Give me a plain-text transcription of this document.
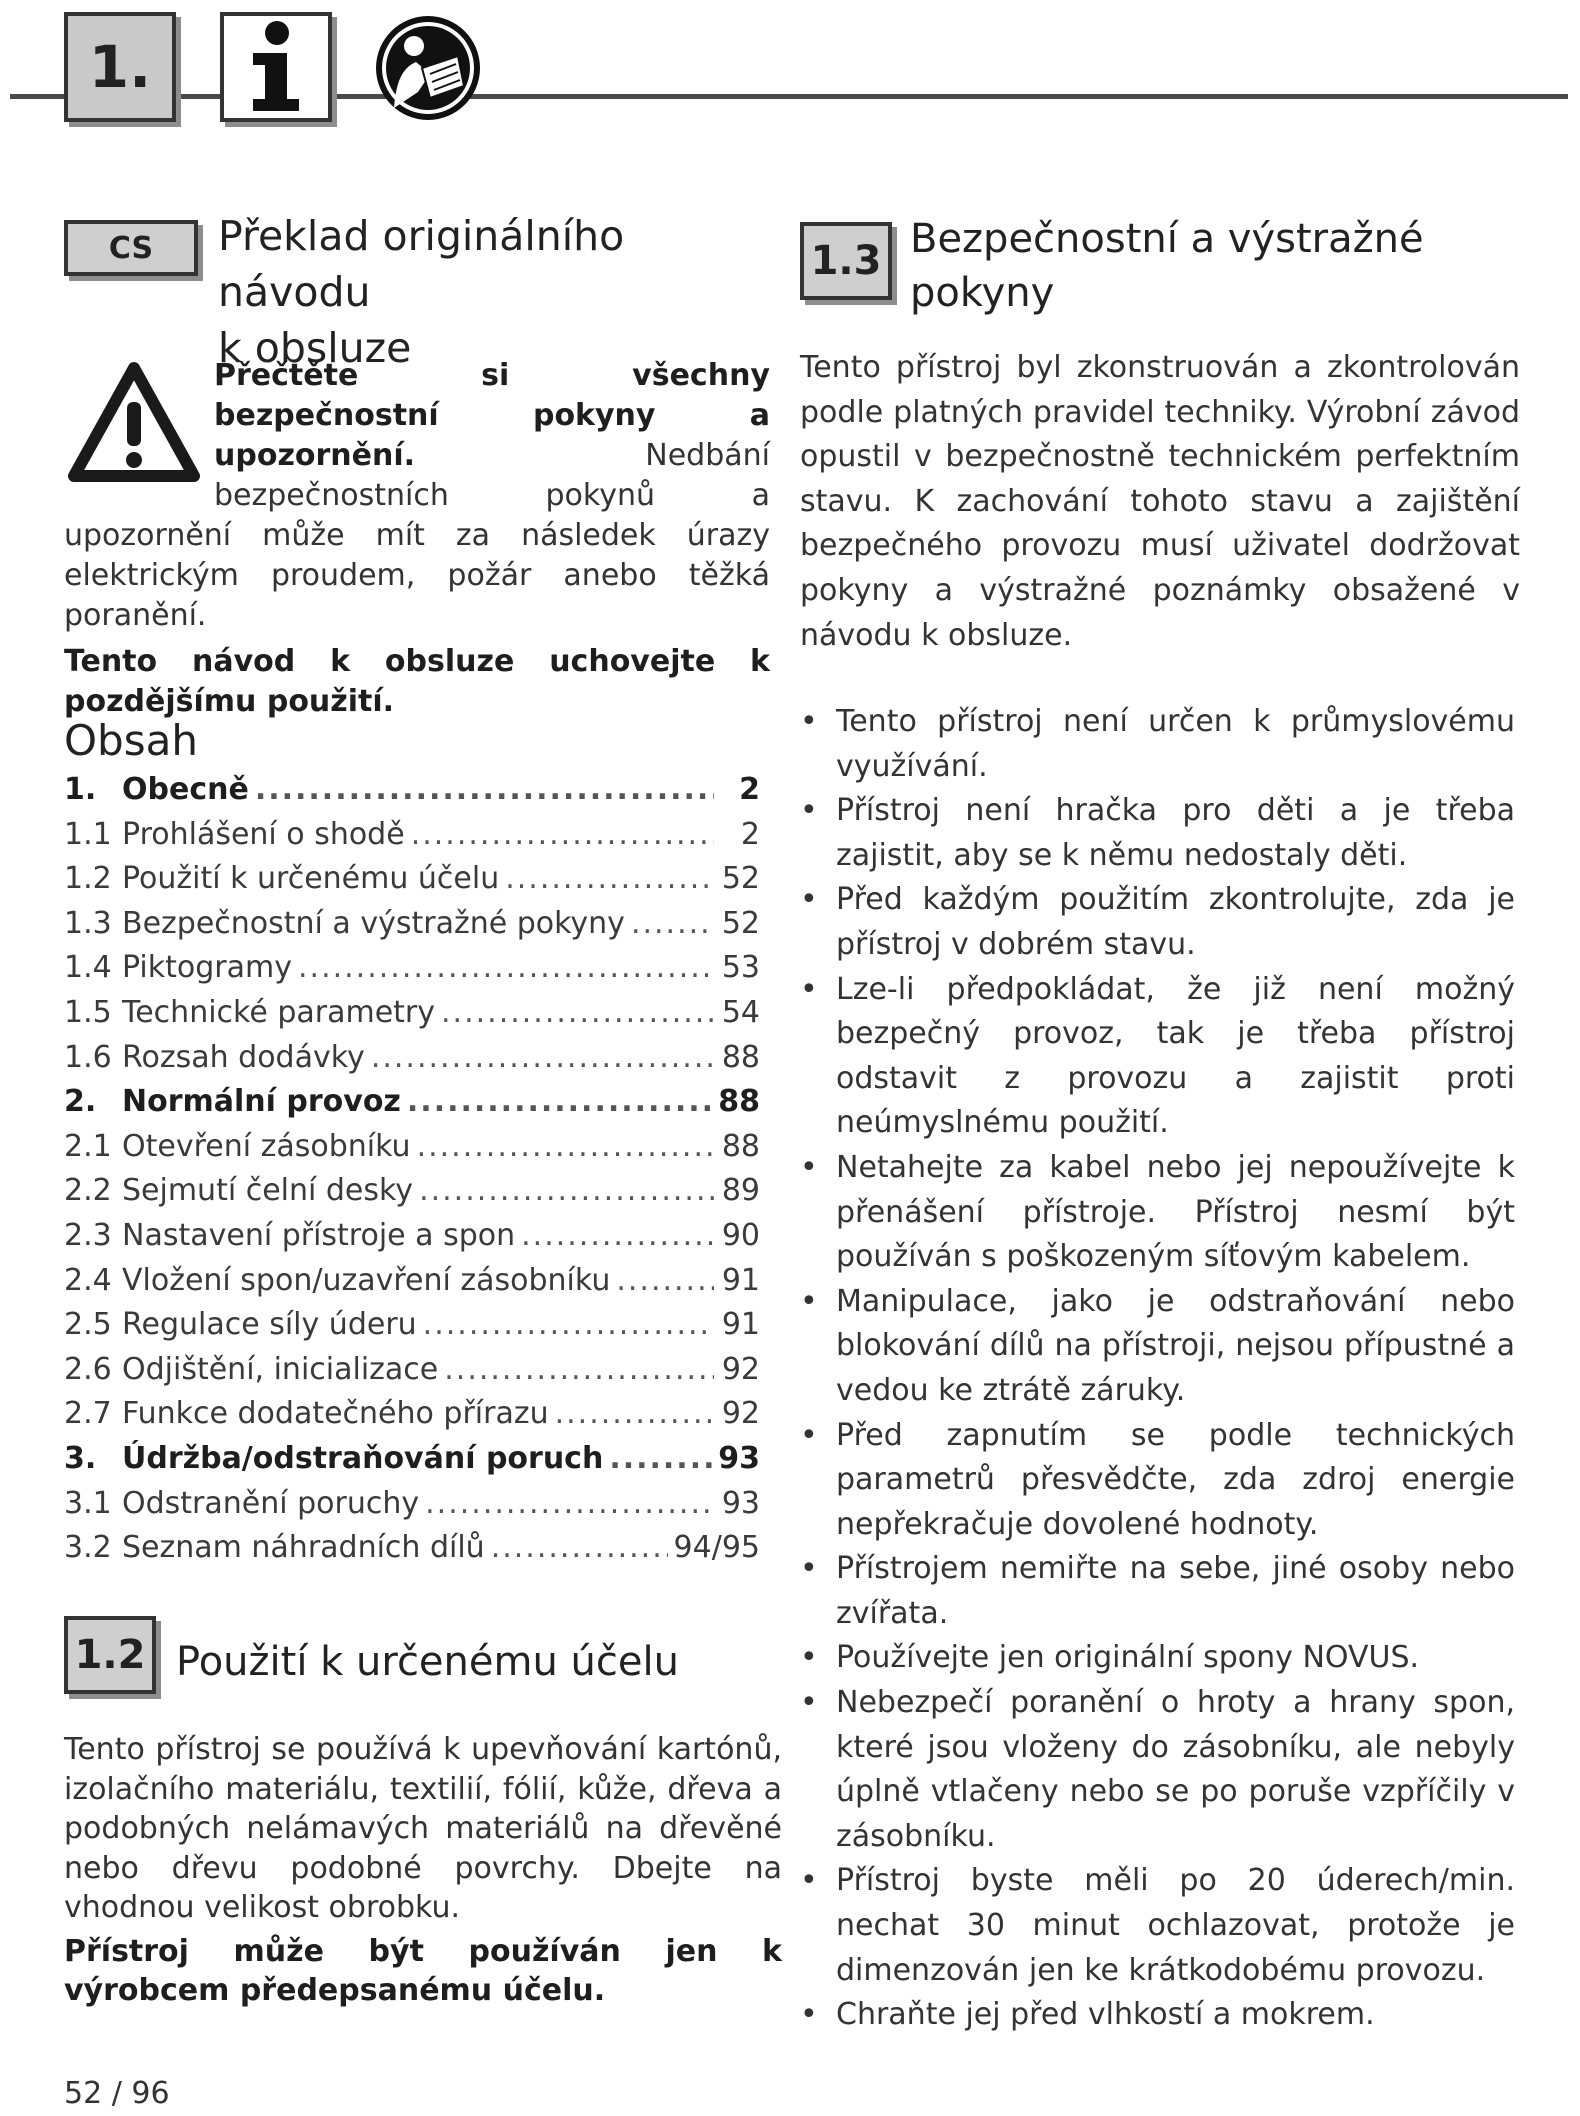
1.
CS	Překlad originálního návodu
k obsluze

Přečtěte si všechny bezpečnostní pokyny a upozornění.	Nedbání bezpečnostních pokynů a upozornění může mít za následek úrazy elektrickým proudem, požár anebo těžká poranění.

Tento návod k obsluze uchovejte k pozdějšímu použití.

Obsah
1. Obecně .....	2
1.1 Prohlášení o shodě .....	2
1.2 Použití k určenému účelu .....	52
1.3 Bezpečnostní a výstražné pokyny .....	52
1.4 Piktogramy .....	53
1.5 Technické parametry .....	54
1.6 Rozsah dodávky .....	88
2. Normální provoz .....	88
2.1 Otevření zásobníku .....	88
2.2 Sejmutí čelní desky .....	89
2.3 Nastavení přístroje a spon .....	90
2.4 Vložení spon/uzavření zásobníku .....	91
2.5 Regulace síly úderu .....	91
2.6 Odjištění, inicializace .....	92
2.7 Funkce dodatečného přírazu .....	92
3. Údržba/odstraňování poruch .....	93
3.1 Odstranění poruchy .....	93
3.2 Seznam náhradních dílů .....	94/95
1.2 Použití k určenému účelu

Tento přístroj se používá k upevňování kartónů, izolačního materiálu, textilií, fólií, kůže, dřeva a podobných nelámavých materiálů na dřevěné nebo dřevu podobné povrchy. Dbejte na vhodnou velikost obrobku.

Přístroj může být používán jen k výrobcem předepsanému účelu.

1.3 Bezpečnostní a výstražné
pokyny

Tento přístroj byl zkonstruován a zkontrolován podle platných pravidel techniky. Výrobní závod opustil v bezpečnostně technickém perfektním stavu. K zachování tohoto stavu a zajištění bezpečného provozu musí uživatel dodržovat pokyny a výstražné poznámky obsažené v návodu k obsluze.

• Tento přístroj není určen k průmyslovému využívání.
• Přístroj není hračka pro děti a je třeba zajistit, aby se k němu nedostaly děti.
• Před každým použitím zkontrolujte, zda je přístroj v dobrém stavu.
• Lze-li předpokládat, že již není možný bezpečný provoz, tak je třeba přístroj odstavit z provozu a zajistit proti neúmyslnému použití.
• Netahejte za kabel nebo jej nepoužívejte k přenášení přístroje. Přístroj nesmí být používán s poškozeným síťovým kabelem.
• Manipulace, jako je odstraňování nebo blokování dílů na přístroji, nejsou přípustné a vedou ke ztrátě záruky.
• Před zapnutím se podle technických parametrů přesvědčte, zda zdroj energie nepřekračuje dovolené hodnoty.
• Přístrojem nemiřte na sebe, jiné osoby nebo zvířata.
• Používejte jen originální spony NOVUS.
• Nebezpečí poranění o hroty a hrany spon, které jsou vloženy do zásobníku, ale nebyly úplně vtlačeny nebo se po poruše vzpříčily v zásobníku.
• Přístroj byste měli po 20 úderech/min. nechat 30 minut ochlazovat, protože je dimenzován jen ke krátkodobému provozu.
• Chraňte jej před vlhkostí a mokrem.
52 / 96
